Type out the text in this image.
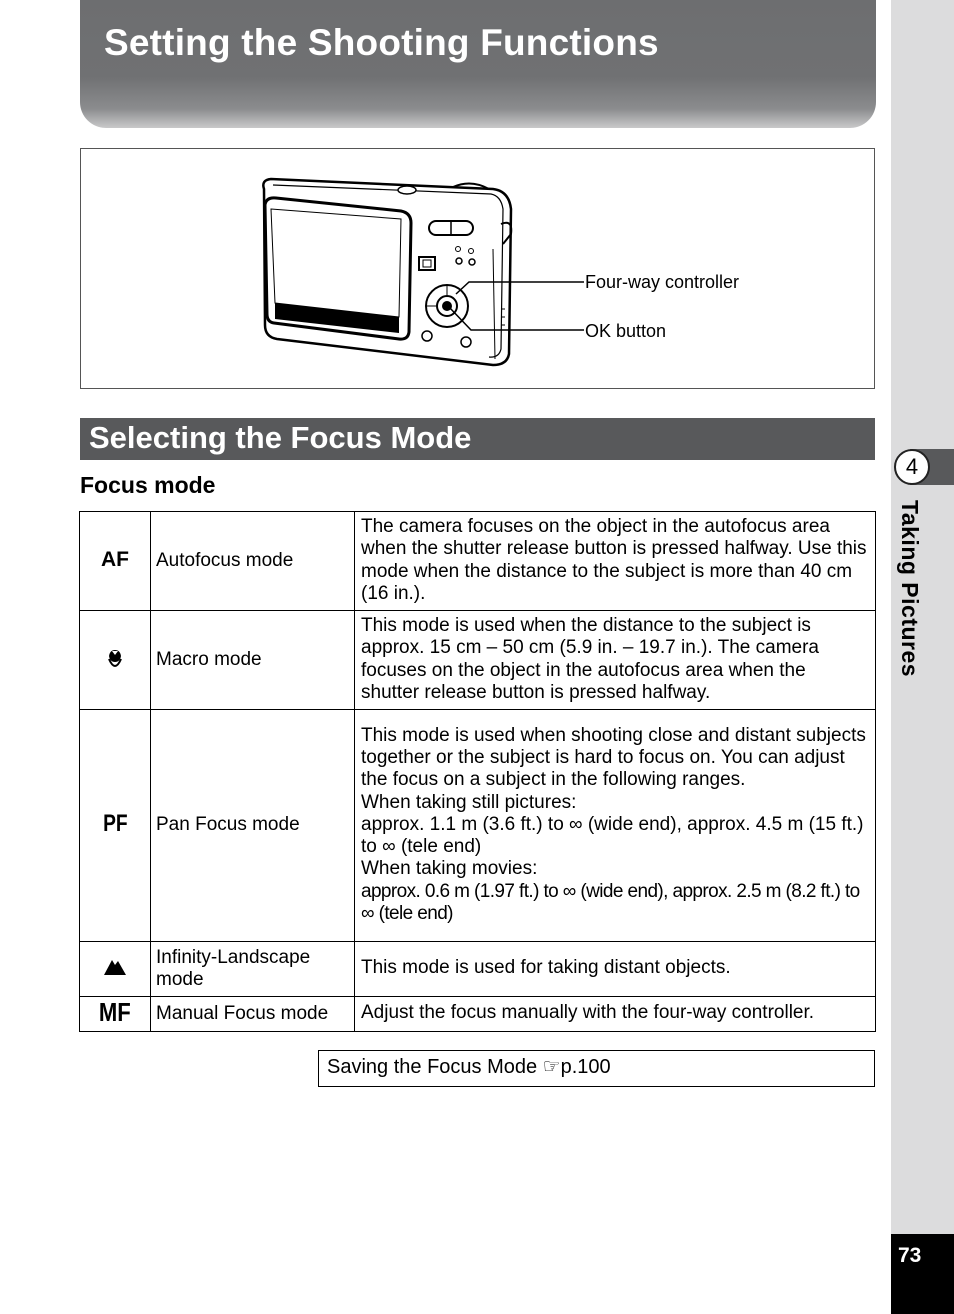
Setting the Shooting Functions
Four-way controller
OK button
Selecting the Focus Mode
Focus mode
AF	Autofocus mode	The camera focuses on the object in the autofocus area when the shutter release button is pressed halfway. Use this mode when the distance to the subject is more than 40 cm (16 in.).
	Macro mode	This mode is used when the distance to the subject is approx. 15 cm – 50 cm (5.9 in. – 19.7 in.). The camera focuses on the object in the autofocus area when the shutter release button is pressed halfway.
PF	Pan Focus mode	This mode is used when shooting close and distant subjects together or the subject is hard to focus on. You can adjust the focus on a subject in the following ranges.
When taking still pictures:
approx. 1.1 m (3.6 ft.) to ∞ (wide end), approx. 4.5 m (15 ft.) to ∞ (tele end)
When taking movies:
approx. 0.6 m (1.97 ft.) to ∞ (wide end), approx. 2.5 m (8.2 ft.) to ∞ (tele end)

	Infinity-Landscape mode	This mode is used for taking distant objects.
MF	Manual Focus mode	Adjust the focus manually with the four-way controller.
Saving the Focus Mode ☞p.100
4
Taking Pictures
73
